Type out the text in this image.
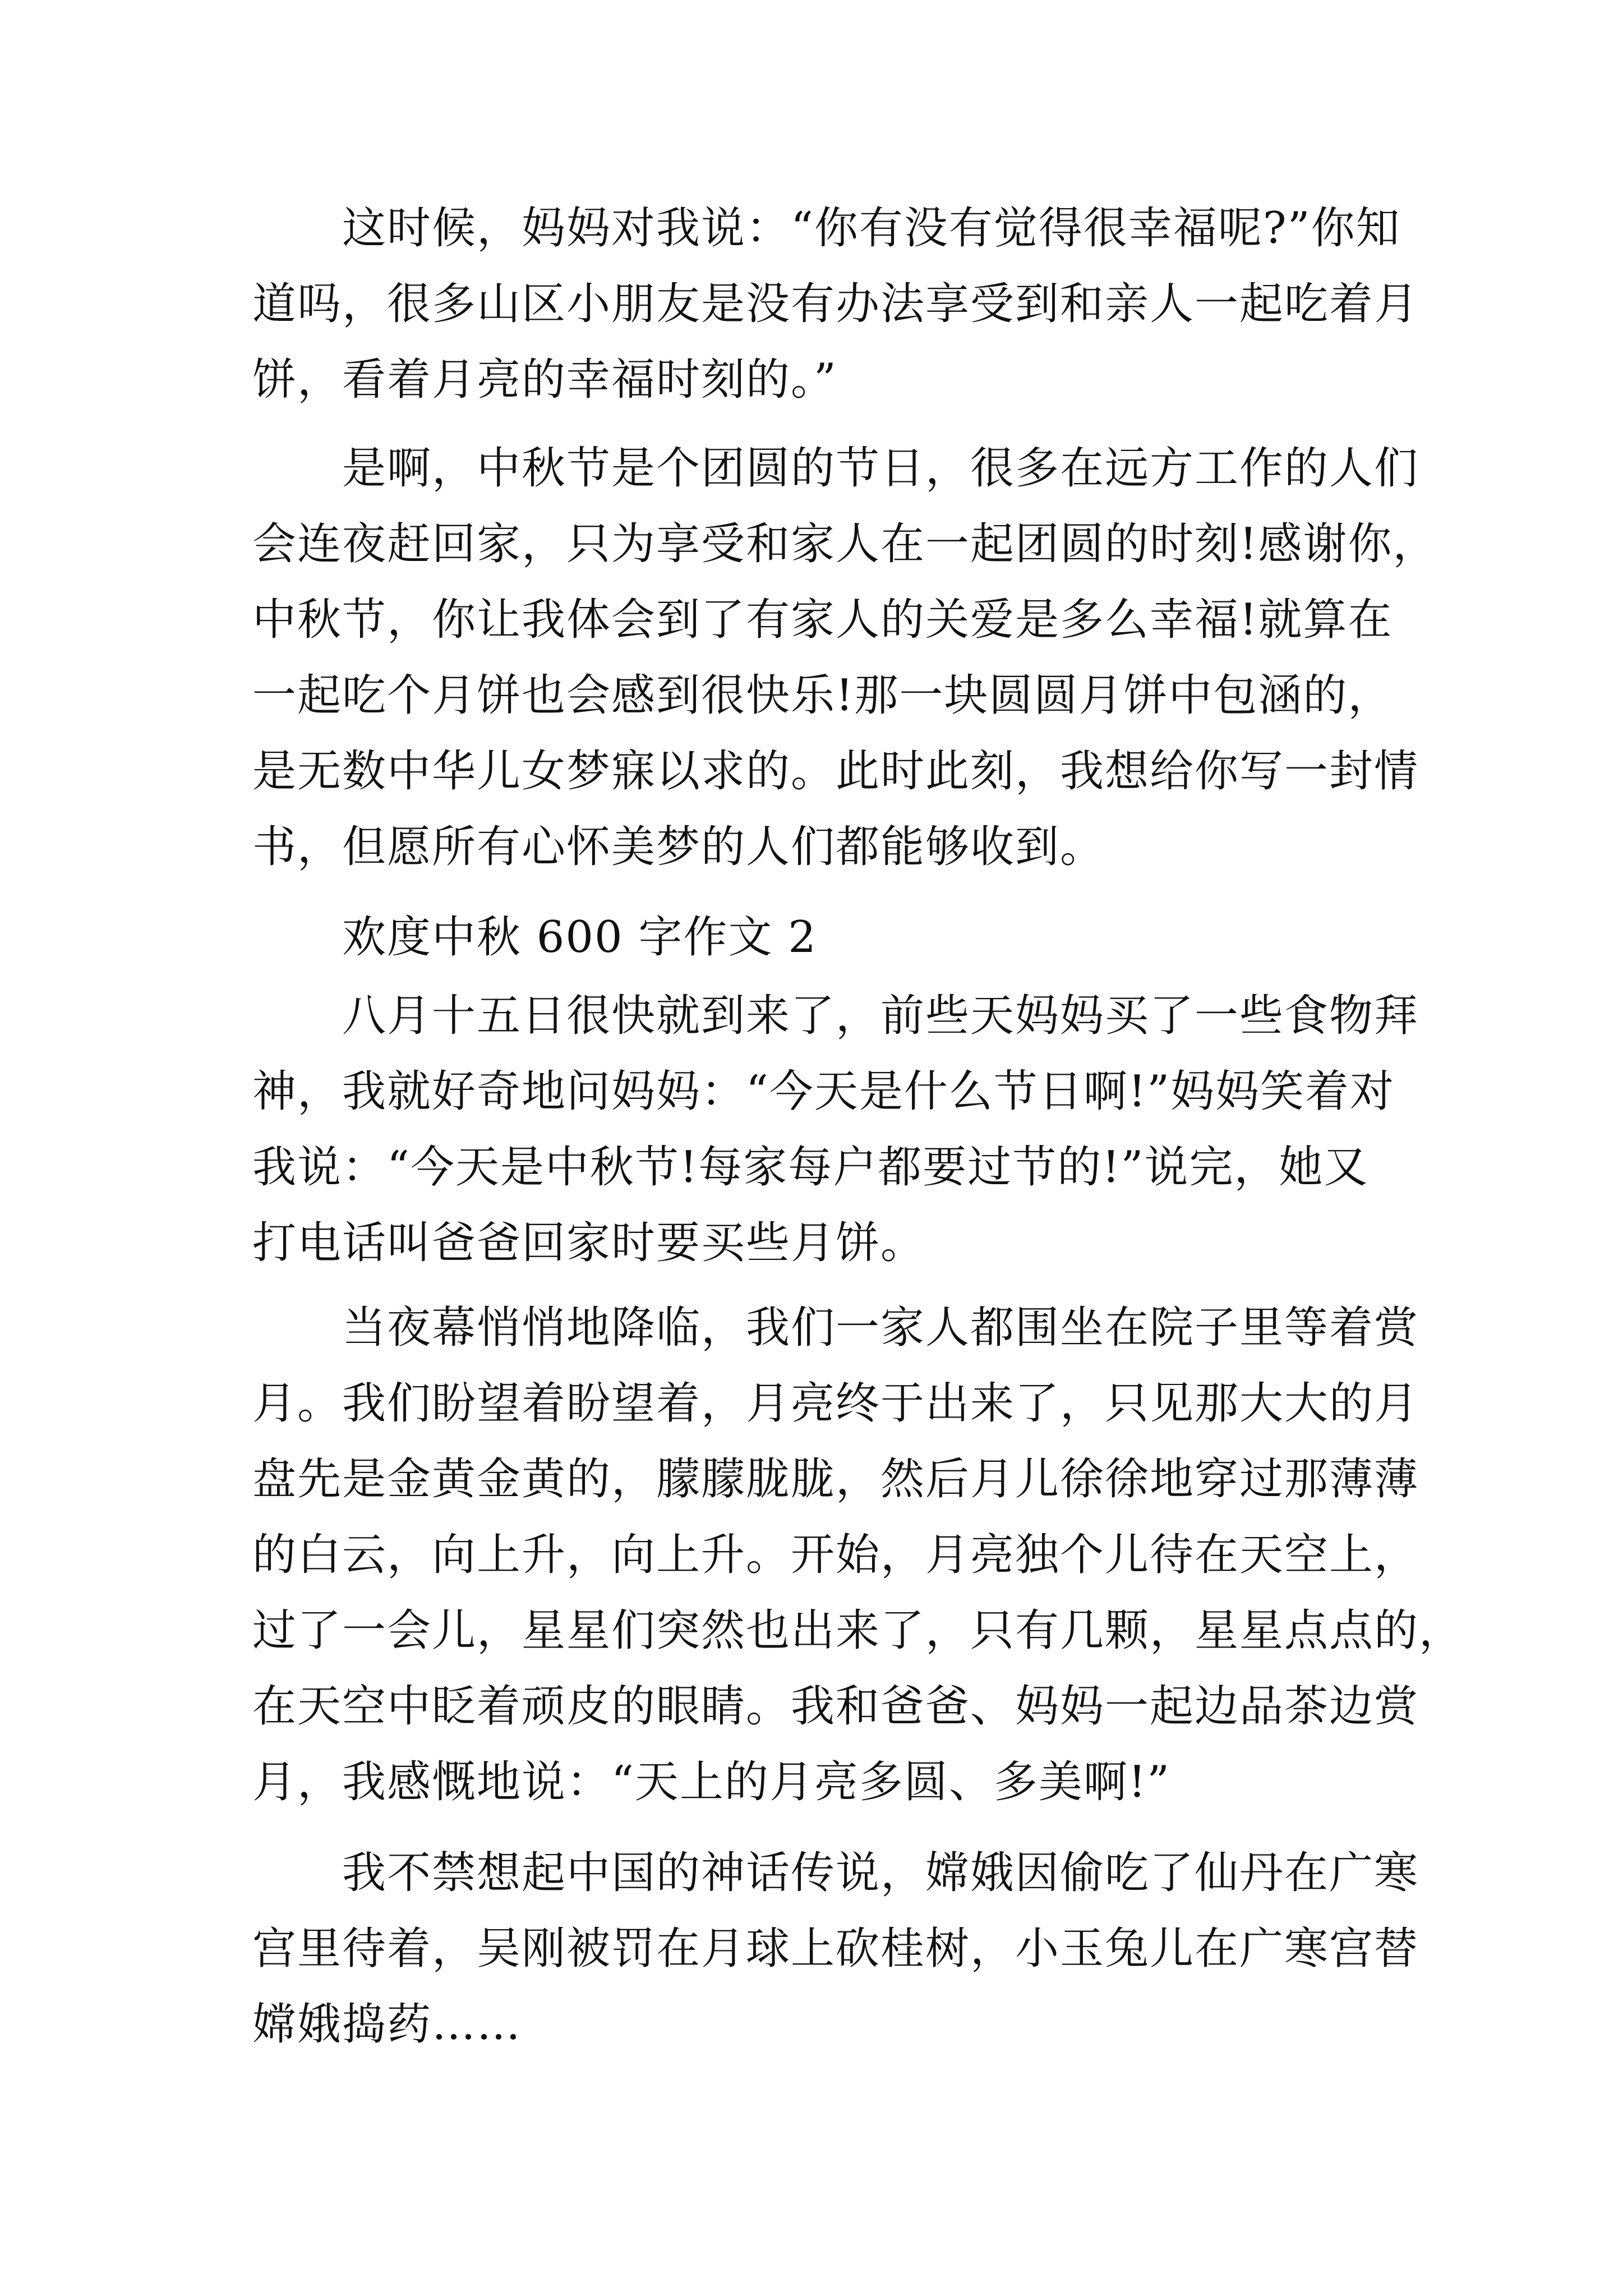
这时候，妈妈对我说：“你有没有觉得很幸福呢?”你知
道吗，很多山区小朋友是没有办法享受到和亲人一起吃着月
饼，看着月亮的幸福时刻的。”
是啊，中秋节是个团圆的节日，很多在远方工作的人们
会连夜赶回家，只为享受和家人在一起团圆的时刻!感谢你，
中秋节，你让我体会到了有家人的关爱是多么幸福!就算在
一起吃个月饼也会感到很快乐!那一块圆圆月饼中包涵的，
是无数中华儿女梦寐以求的。此时此刻，我想给你写一封情
书，但愿所有心怀美梦的人们都能够收到。
欢度中秋 600 字作文 2
八月十五日很快就到来了，前些天妈妈买了一些食物拜
神，我就好奇地问妈妈：“今天是什么节日啊!”妈妈笑着对
我说：“今天是中秋节!每家每户都要过节的!”说完，她又
打电话叫爸爸回家时要买些月饼。
当夜幕悄悄地降临，我们一家人都围坐在院子里等着赏
月。我们盼望着盼望着，月亮终于出来了，只见那大大的月
盘先是金黄金黄的，朦朦胧胧，然后月儿徐徐地穿过那薄薄
的白云，向上升，向上升。开始，月亮独个儿待在天空上，
过了一会儿，星星们突然也出来了，只有几颗，星星点点的，
在天空中眨着顽皮的眼睛。我和爸爸、妈妈一起边品茶边赏
月，我感慨地说：“天上的月亮多圆、多美啊!”
我不禁想起中国的神话传说，嫦娥因偷吃了仙丹在广寒
宫里待着，吴刚被罚在月球上砍桂树，小玉兔儿在广寒宫替
嫦娥捣药……
